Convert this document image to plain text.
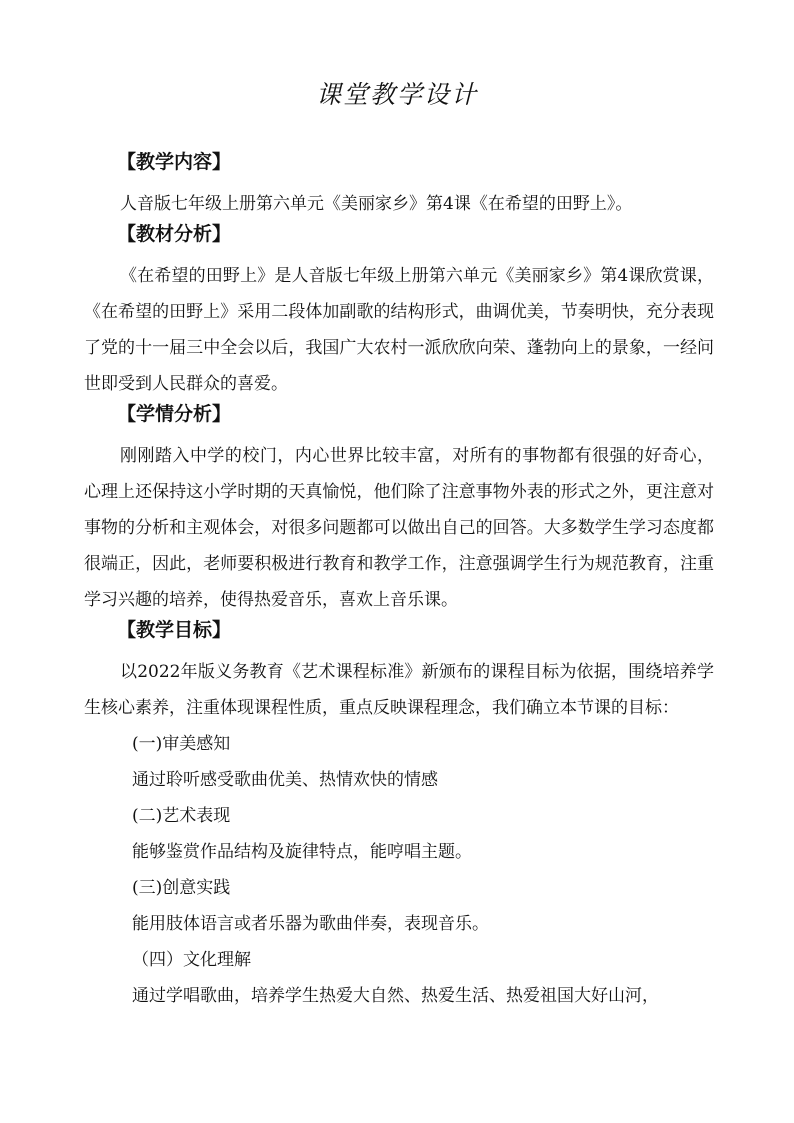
课堂教学设计
【教学内容】

人音版七年级上册第六单元《美丽家乡》第4课《在希望的田野上》。

【教材分析】

《在希望的田野上》是人音版七年级上册第六单元《美丽家乡》第4课欣赏课，《在希望的田野上》采用二段体加副歌的结构形式，曲调优美，节奏明快，充分表现了党的十一届三中全会以后，我国广大农村一派欣欣向荣、蓬勃向上的景象，一经问世即受到人民群众的喜爱。

【学情分析】

刚刚踏入中学的校门，内心世界比较丰富，对所有的事物都有很强的好奇心，心理上还保持这小学时期的天真愉悦，他们除了注意事物外表的形式之外，更注意对事物的分析和主观体会，对很多问题都可以做出自己的回答。大多数学生学习态度都很端正，因此，老师要积极进行教育和教学工作，注意强调学生行为规范教育，注重学习兴趣的培养，使得热爱音乐，喜欢上音乐课。

【教学目标】

以2022年版义务教育《艺术课程标准》新颁布的课程目标为依据，围绕培养学生核心素养，注重体现课程性质，重点反映课程理念，我们确立本节课的目标：

(一)审美感知

通过聆听感受歌曲优美、热情欢快的情感

(二)艺术表现

能够鉴赏作品结构及旋律特点，能哼唱主题。

(三)创意实践

能用肢体语言或者乐器为歌曲伴奏，表现音乐。

（四）文化理解

通过学唱歌曲，培养学生热爱大自然、热爱生活、热爱祖国大好山河，
